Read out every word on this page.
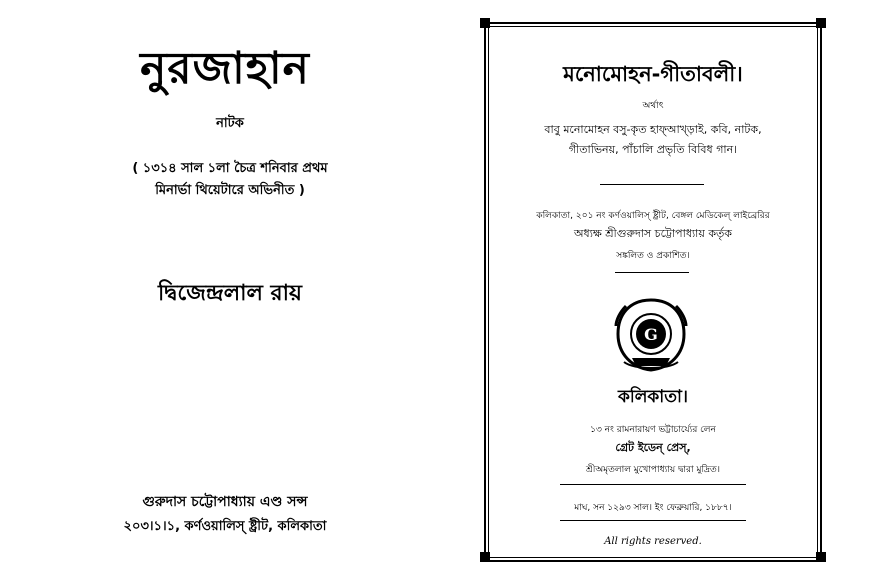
নুরজাহান
নাটক
( ১৩১৪ সাল ১লা চৈত্র শনিবার প্রথম
মিনার্ভা থিয়েটারে অভিনীত )
দ্বিজেন্দ্রলাল রায়
গুরুদাস চট্টোপাধ্যায় এণ্ড সন্স
২০৩।১।১, কর্ণওয়ালিস্ ষ্ট্রীট, কলিকাতা
মনোমোহন-গীতাবলী।
অর্থাৎ
বাবু মনোমোহন বসু-কৃত হাফ্‌আখ্‌ড়াই, কবি, নাটক,
গীতাভিনয়, পাঁচালি প্রভৃতি বিবিধ গান।
কলিকাতা, ২০১ নং কর্ণওয়ালিস্ ষ্ট্রীট, বেঙ্গল মেডিকেল্ লাইব্রেরির
অধ্যক্ষ শ্রীগুরুদাস চট্টোপাধ্যায় কর্তৃক
সঙ্কলিত ও প্রকাশিত।
G
কলিকাতা।
১৩ নং রামনারায়ণ ভট্টাচার্য্যের লেন
গ্রেট ইডেন্ প্রেস্,
শ্রীঅমৃতলাল মুখোপাধ্যায় দ্বারা মুদ্রিত।
মাঘ, সন ১২৯৩ সাল। ইং ফেব্রুয়ারি, ১৮৮৭।
All rights reserved.
